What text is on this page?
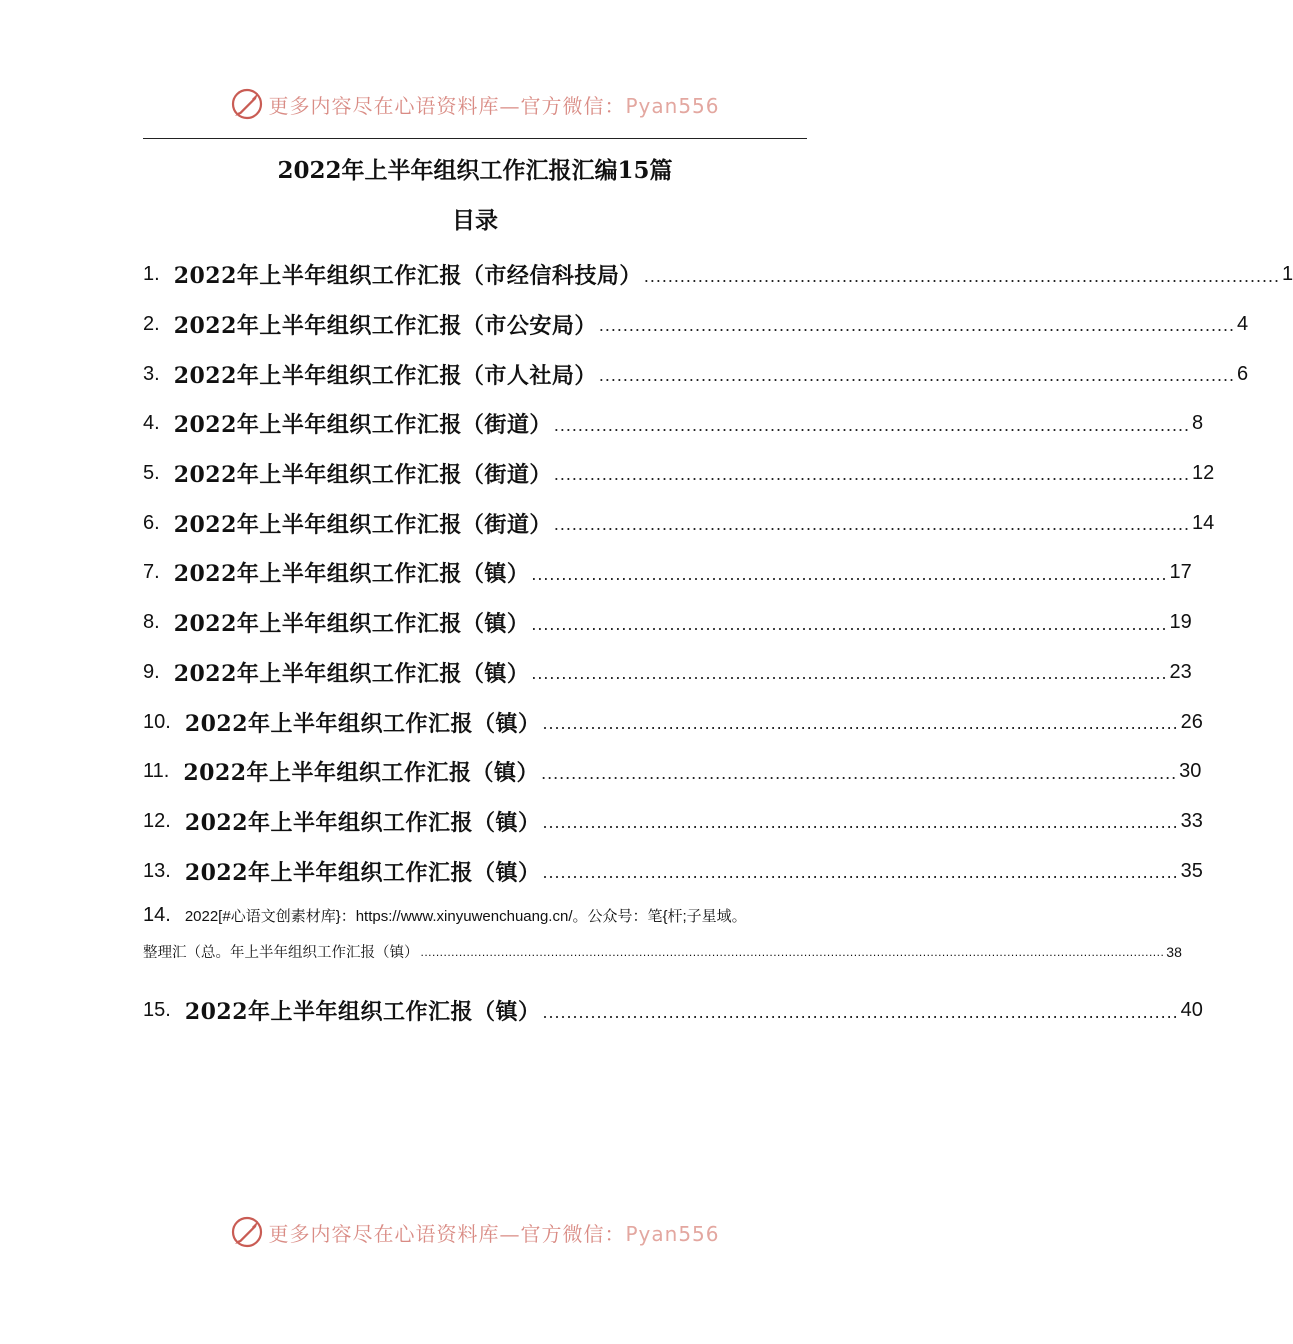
更多内容尽在心语资料库—官方微信：Pyan556
2022年上半年组织工作汇报汇编15篇
目录
1. 2022年上半年组织工作汇报（市经信科技局） .......................................................................................................... 1
2. 2022年上半年组织工作汇报（市公安局） .......................................................................................................... 4
3. 2022年上半年组织工作汇报（市人社局） .......................................................................................................... 6
4. 2022年上半年组织工作汇报（街道） .......................................................................................................... 8
5. 2022年上半年组织工作汇报（街道） .......................................................................................................... 12
6. 2022年上半年组织工作汇报（街道） .......................................................................................................... 14
7. 2022年上半年组织工作汇报（镇） .......................................................................................................... 17
8. 2022年上半年组织工作汇报（镇） .......................................................................................................... 19
9. 2022年上半年组织工作汇报（镇） .......................................................................................................... 23
10. 2022年上半年组织工作汇报（镇） .......................................................................................................... 26
11. 2022年上半年组织工作汇报（镇） .......................................................................................................... 30
12. 2022年上半年组织工作汇报（镇） .......................................................................................................... 33
13. 2022年上半年组织工作汇报（镇） .......................................................................................................... 35
14. 2022[#心语文创素材库}：https://www.xinyuwenchuang.cn/。公众号：笔{杆;子星域。
整理汇（总。年上半年组织工作汇报（镇） .................................................................................................................................................................................................. 38
15. 2022年上半年组织工作汇报（镇） .......................................................................................................... 40
更多内容尽在心语资料库—官方微信：Pyan556
